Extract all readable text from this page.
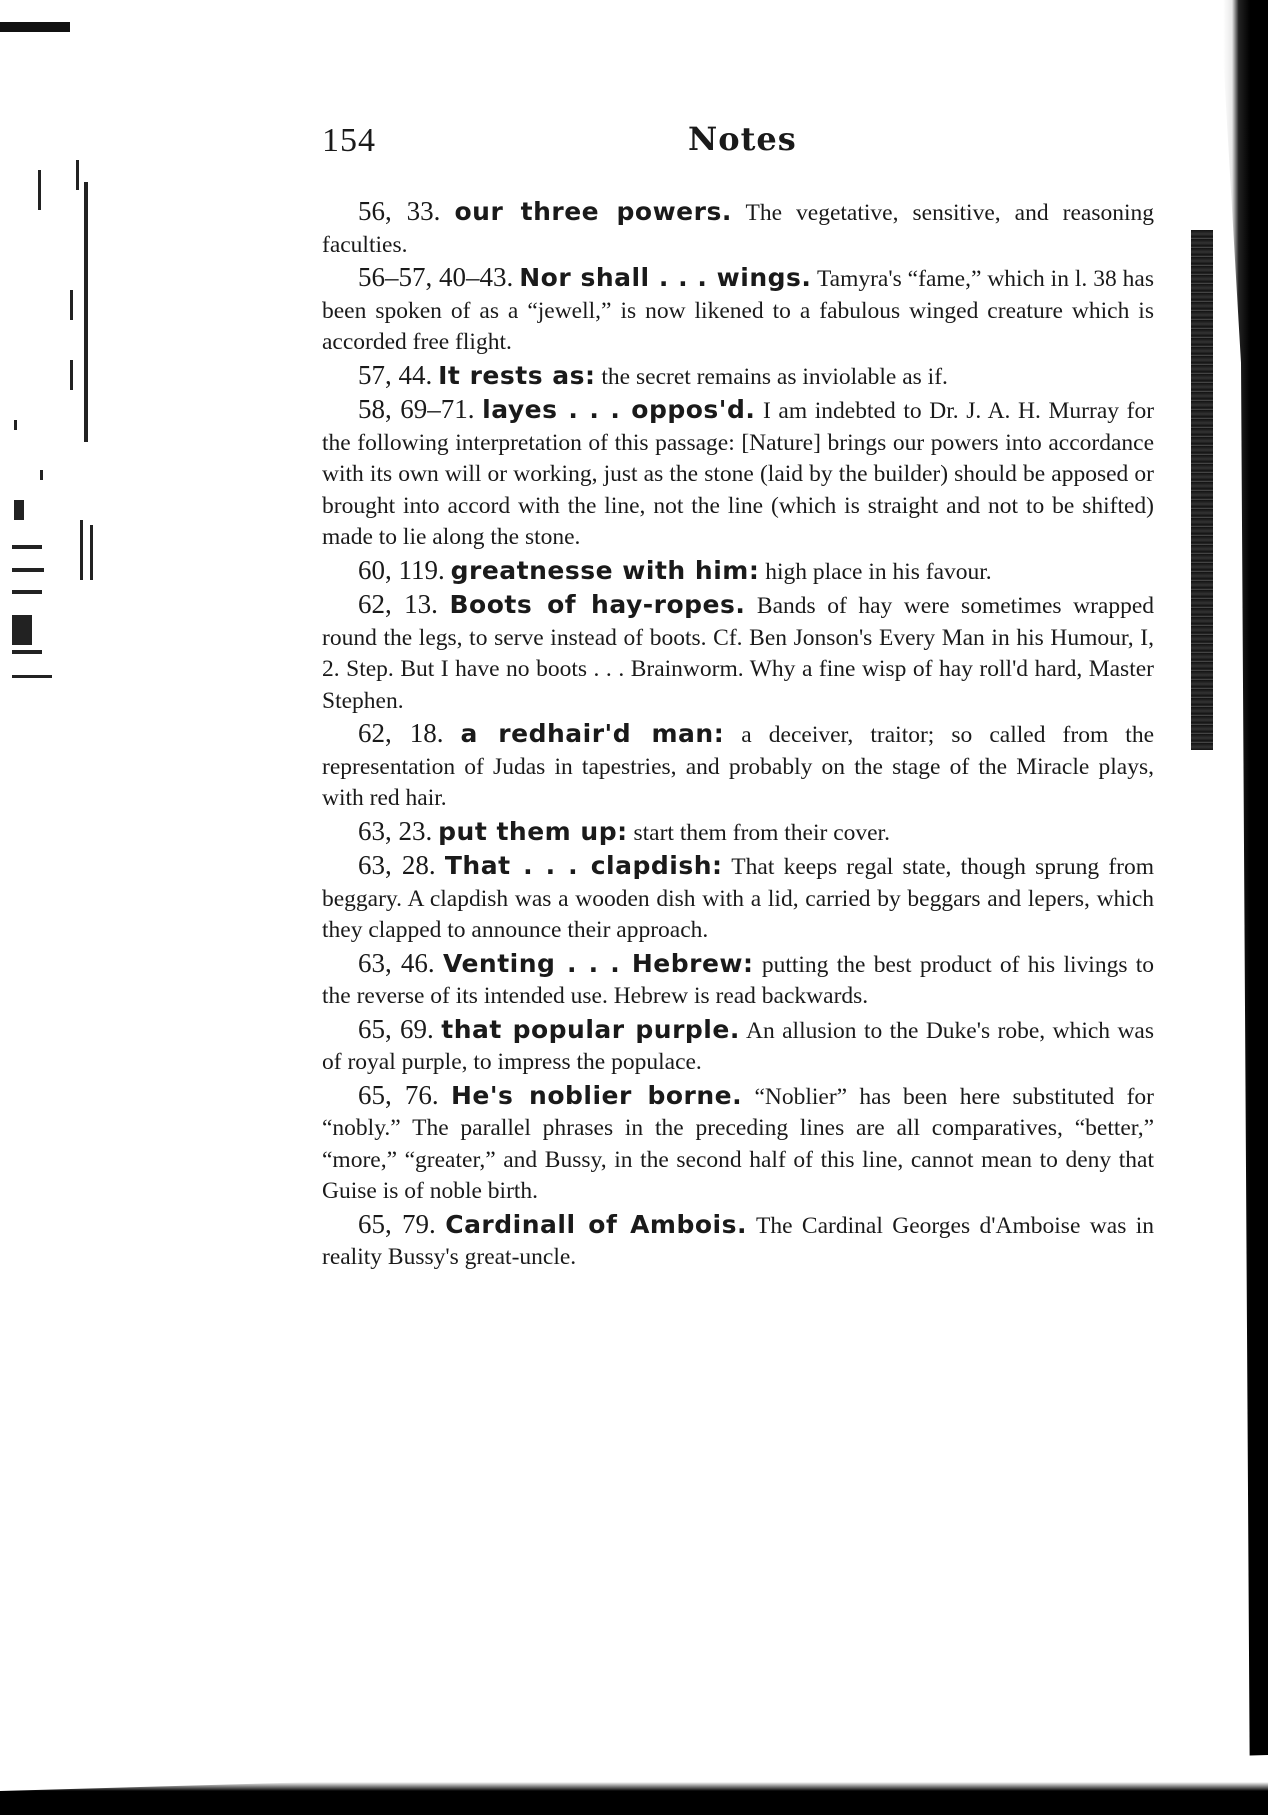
154	Notes

56, 33. our three powers. The vegetative, sensitive, and reasoning faculties.

56–57, 40–43. Nor shall . . . wings. Tamyra's “fame,” which in l. 38 has been spoken of as a “jewell,” is now likened to a fabulous winged creature which is accorded free flight.

57, 44. It rests as: the secret remains as inviolable as if.

58, 69–71. layes . . . oppos'd. I am indebted to Dr. J. A. H. Murray for the following interpretation of this passage: [Nature] brings our powers into accordance with its own will or working, just as the stone (laid by the builder) should be apposed or brought into accord with the line, not the line (which is straight and not to be shifted) made to lie along the stone.

60, 119. greatnesse with him: high place in his favour.

62, 13. Boots of hay-ropes. Bands of hay were sometimes wrapped round the legs, to serve instead of boots. Cf. Ben Jonson's Every Man in his Humour, I, 2. Step. But I have no boots . . . Brainworm. Why a fine wisp of hay roll'd hard, Master Stephen.

62, 18. a redhair'd man: a deceiver, traitor; so called from the representation of Judas in tapestries, and probably on the stage of the Miracle plays, with red hair.

63, 23. put them up: start them from their cover.

63, 28. That . . . clapdish: That keeps regal state, though sprung from beggary. A clapdish was a wooden dish with a lid, carried by beggars and lepers, which they clapped to announce their approach.

63, 46. Venting . . . Hebrew: putting the best product of his livings to the reverse of its intended use. Hebrew is read backwards.

65, 69. that popular purple. An allusion to the Duke's robe, which was of royal purple, to impress the populace.

65, 76. He's noblier borne. “Noblier” has been here substituted for “nobly.” The parallel phrases in the preceding lines are all comparatives, “better,” “more,” “greater,” and Bussy, in the second half of this line, cannot mean to deny that Guise is of noble birth.

65, 79. Cardinall of Ambois. The Cardinal Georges d'Amboise was in reality Bussy's great-uncle.
